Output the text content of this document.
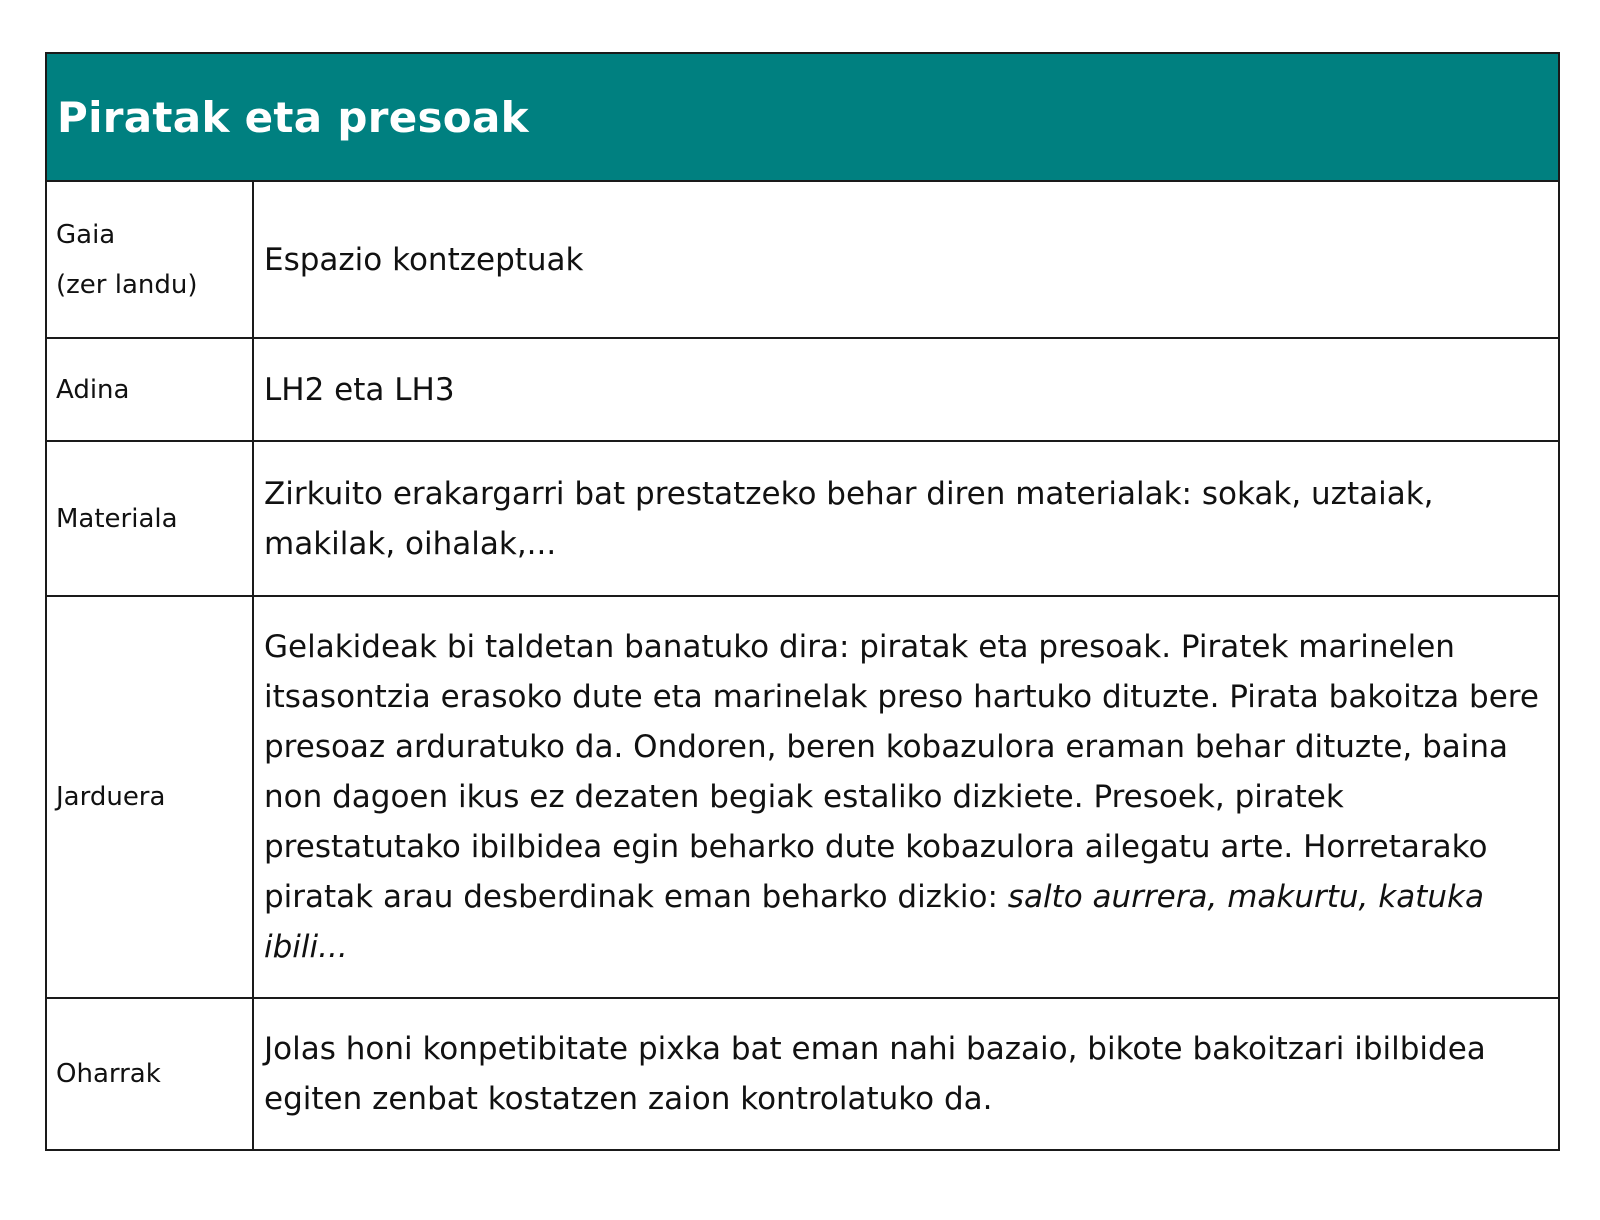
Piratak eta presoak
Gaia
(zer landu)

Espazio kontzeptuak

Adina	LH2 eta LH3

Materiala

Zirkuito erakargarri bat prestatzeko behar diren materialak: sokak, uztaiak, makilak, oihalak,...

Jarduera

Gelakideak bi taldetan banatuko dira: piratak eta presoak. Piratek marinelen itsasontzia erasoko dute eta marinelak preso hartuko dituzte. Pirata bakoitza bere presoaz arduratuko da. Ondoren, beren kobazulora eraman behar dituzte, baina non dagoen ikus ez dezaten begiak estaliko dizkiete. Presoek, piratek prestatutako ibilbidea egin beharko dute kobazulora ailegatu arte. Horretarako piratak arau desberdinak eman beharko dizkio: salto aurrera, makurtu, katuka ibili...

Oharrak

Jolas honi konpetibitate pixka bat eman nahi bazaio, bikote bakoitzari ibilbidea egiten zenbat kostatzen zaion kontrolatuko da.
